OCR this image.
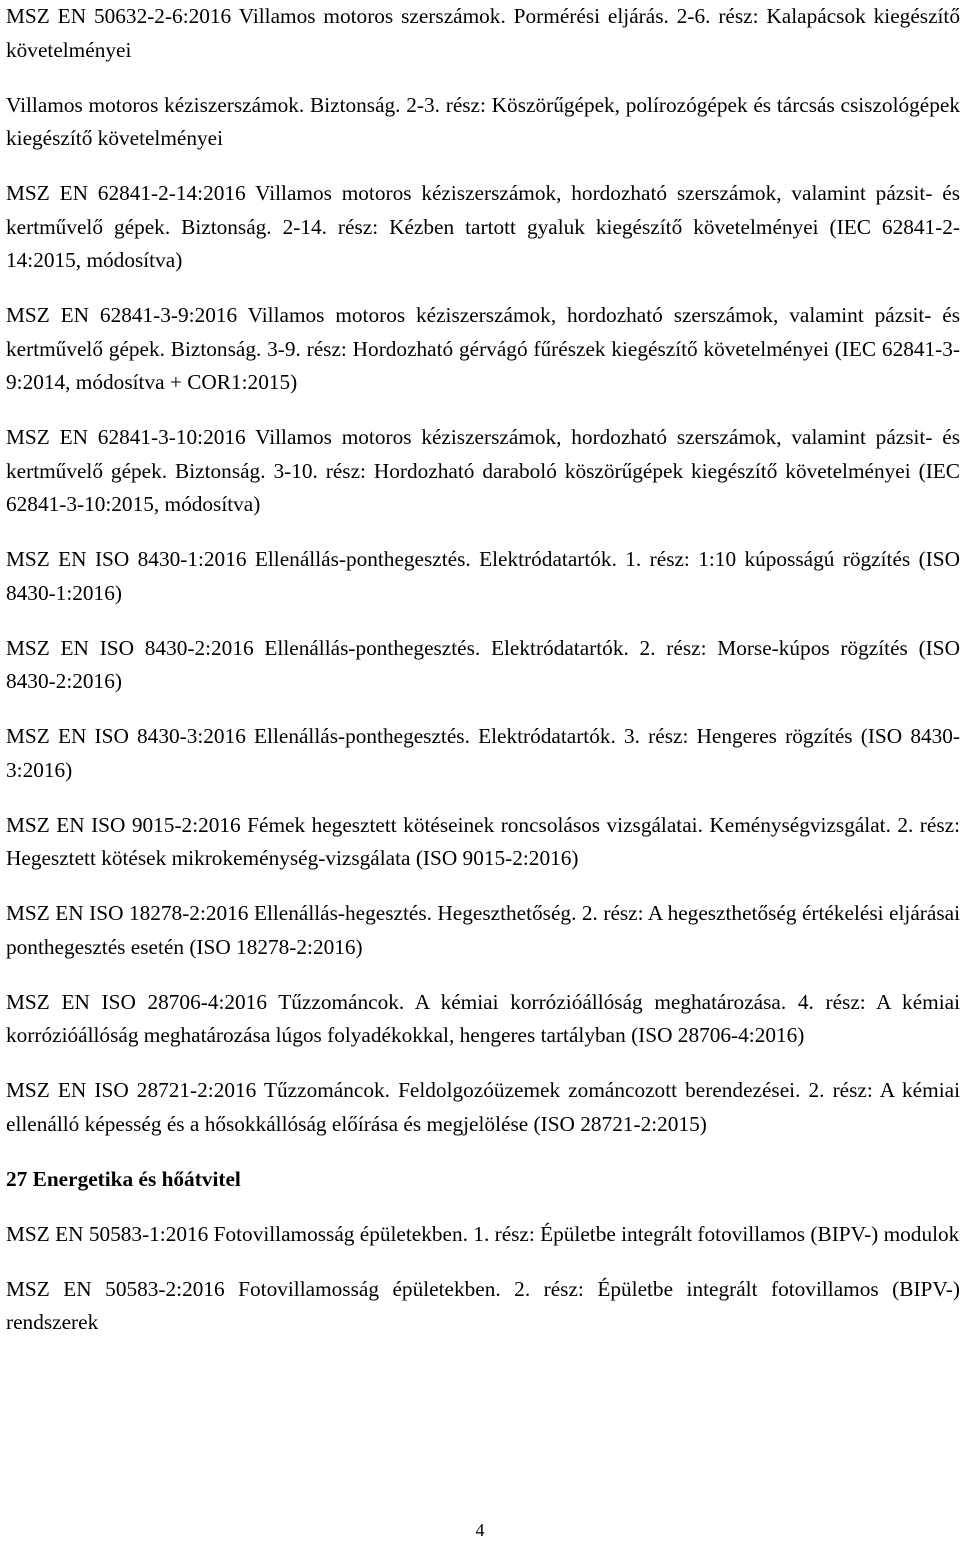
MSZ EN 50632-2-6:2016 Villamos motoros szerszámok. Pormérési eljárás. 2-6. rész: Kalapácsok kiegészítő követelményei

Villamos motoros kéziszerszámok. Biztonság. 2-3. rész: Köszörűgépek, polírozógépek és tárcsás csiszológépek kiegészítő követelményei

MSZ EN 62841-2-14:2016 Villamos motoros kéziszerszámok, hordozható szerszámok, valamint pázsit- és kertművelő gépek. Biztonság. 2-14. rész: Kézben tartott gyaluk kiegészítő követelményei (IEC 62841-2-14:2015, módosítva)

MSZ EN 62841-3-9:2016 Villamos motoros kéziszerszámok, hordozható szerszámok, valamint pázsit- és kertművelő gépek. Biztonság. 3-9. rész: Hordozható gérvágó fűrészek kiegészítő követelményei (IEC 62841-3-9:2014, módosítva + COR1:2015)

MSZ EN 62841-3-10:2016 Villamos motoros kéziszerszámok, hordozható szerszámok, valamint pázsit- és kertművelő gépek. Biztonság. 3-10. rész: Hordozható daraboló köszörűgépek kiegészítő követelményei (IEC 62841-3-10:2015, módosítva)

MSZ EN ISO 8430-1:2016 Ellenállás-ponthegesztés. Elektródatartók. 1. rész: 1:10 kúposságú rögzítés (ISO 8430-1:2016)

MSZ EN ISO 8430-2:2016 Ellenállás-ponthegesztés. Elektródatartók. 2. rész: Morse-kúpos rögzítés (ISO 8430-2:2016)

MSZ EN ISO 8430-3:2016 Ellenállás-ponthegesztés. Elektródatartók. 3. rész: Hengeres rögzítés (ISO 8430-3:2016)

MSZ EN ISO 9015-2:2016 Fémek hegesztett kötéseinek roncsolásos vizsgálatai. Keménységvizsgálat. 2. rész: Hegesztett kötések mikrokeménység-vizsgálata (ISO 9015-2:2016)

MSZ EN ISO 18278-2:2016 Ellenállás-hegesztés. Hegeszthetőség. 2. rész: A hegeszthetőség értékelési eljárásai ponthegesztés esetén (ISO 18278-2:2016)

MSZ EN ISO 28706-4:2016 Tűzzománcok. A kémiai korrózióállóság meghatározása. 4. rész: A kémiai korrózióállóság meghatározása lúgos folyadékokkal, hengeres tartályban (ISO 28706-4:2016)

MSZ EN ISO 28721-2:2016 Tűzzománcok. Feldolgozóüzemek zománcozott berendezései. 2. rész: A kémiai ellenálló képesség és a hősokkállóság előírása és megjelölése (ISO 28721-2:2015)

27 Energetika és hőátvitel

MSZ EN 50583-1:2016 Fotovillamosság épületekben. 1. rész: Épületbe integrált fotovillamos (BIPV-) modulok

MSZ EN 50583-2:2016 Fotovillamosság épületekben. 2. rész: Épületbe integrált fotovillamos (BIPV-) rendszerek

4
